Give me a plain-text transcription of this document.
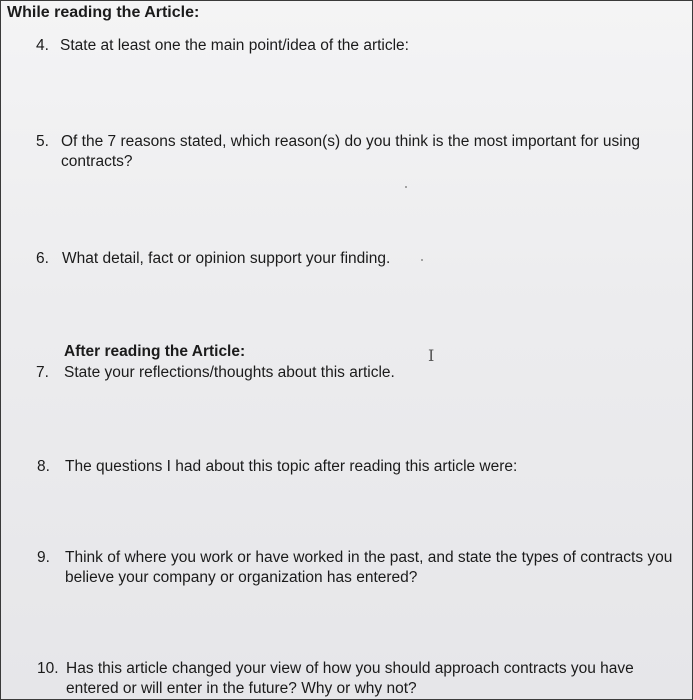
While reading the Article:
4. State at least one the main point/idea of the article:
5. Of the 7 reasons stated, which reason(s) do you think is the most important for using contracts?
6. What detail, fact or opinion support your finding.
After reading the Article:
7. State your reflections/thoughts about this article.
I
8. The questions I had about this topic after reading this article were:
9. Think of where you work or have worked in the past, and state the types of contracts you believe your company or organization has entered?
10. Has this article changed your view of how you should approach contracts you have entered or will enter in the future? Why or why not?
